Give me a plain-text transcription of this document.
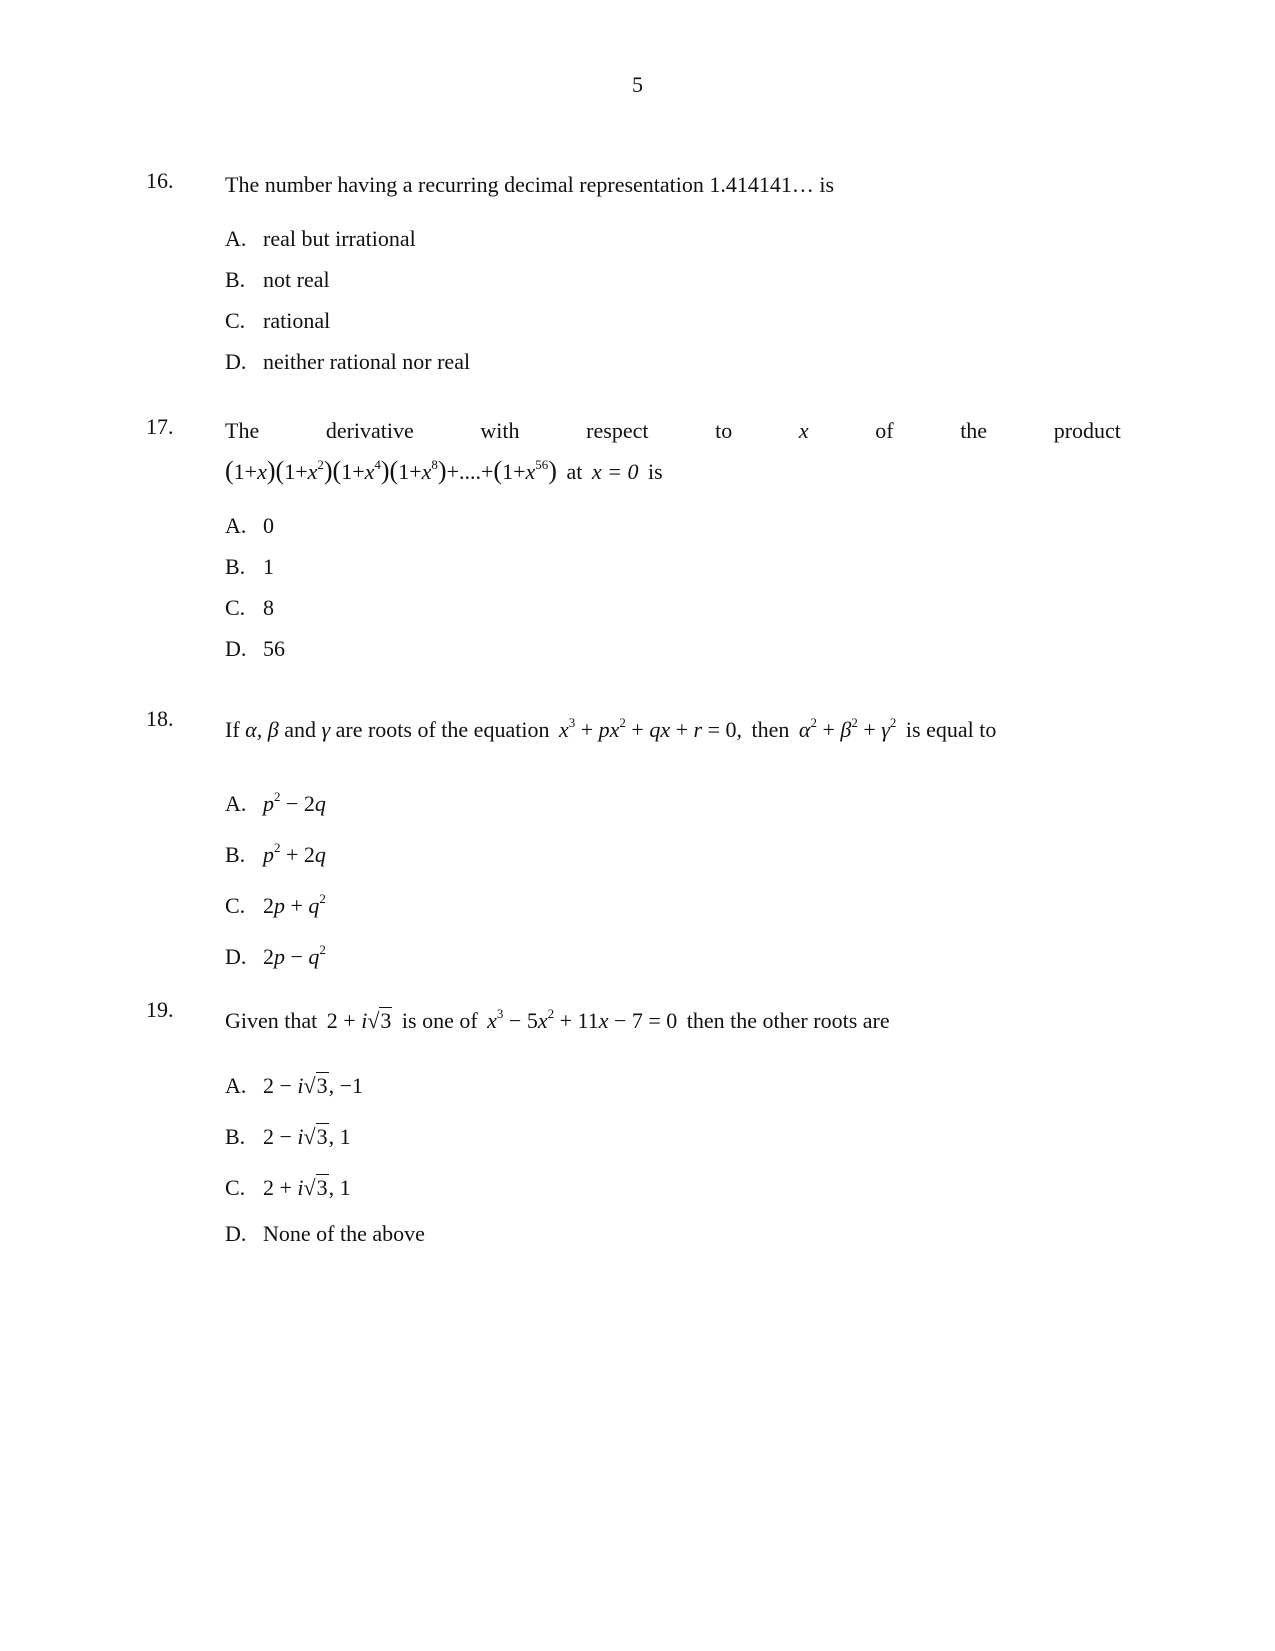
5
16. The number having a recurring decimal representation 1.414141… is
A. real but irrational
B. not real
C. rational
D. neither rational nor real
17. The	derivative	with	respect	to	x	of	the	product
$(1+x)(1+x^2)(1+x^4)(1+x^8)+....+(1+x^{56})$ at x = 0 is
A. 0
B. 1
C. 8
D. 56
18. If α, β and γ are roots of the equation $x^3 + px^2$ + qx + r = 0, then $\alpha^2 + \beta^2 + \gamma^2$ is equal to
A. $p^2 - 2q$
B. $p^2 + 2q$
C. $2p + q^2$
D. $2p - q^2$
19. Given that 2 + i√3 is one of $x^3 - 5x^2 + 11x - 7 = 0$ then the other roots are
A. 2 − i√3, −1
B. 2 − i√3, 1
C. 2 + i√3, 1
D. None of the above
